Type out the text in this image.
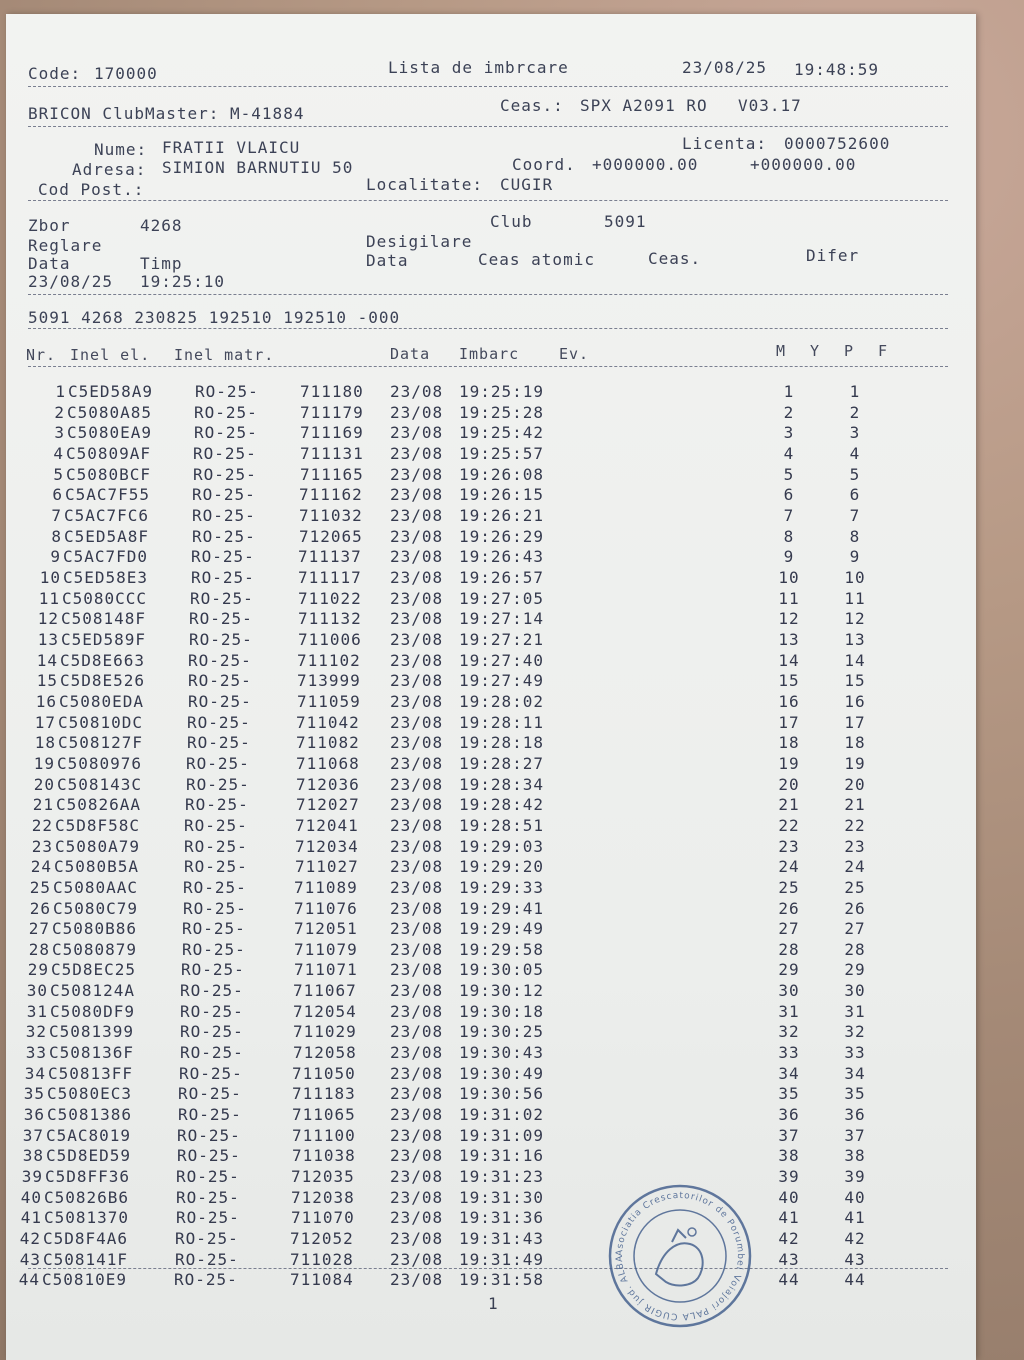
Code: 170000	Lista de imbrcare	23/08/25 19:48:59
BRICON ClubMaster: M-41884	Ceas.: SPX A2091 RO V03.17
Nume: FRATII VLAICU	Licenta: 0000752600
Adresa: SIMION BARNUTIU 50	Coord. +000000.00	+000000.00
Cod Post.:	Localitate: CUGIR
Zbor	4268	Club	5091
Reglare	Desigilare
Data	Timp	Data	Ceas atomic	Ceas.	Difer
23/08/25 19:25:10
5091 4268 230825 192510 192510 -000
Nr. Inel el. Inel matr.	Data Imbarc	Ev.	M Y P F
1 C5ED58A9	RO-25-	711180 23/08 19:25:19	1	1
2 C5080A85	RO-25-	711179 23/08 19:25:28	2	2
3 C5080EA9	RO-25-	711169 23/08 19:25:42	3	3
4 C50809AF	RO-25-	711131 23/08 19:25:57	4	4
5 C5080BCF	RO-25-	711165 23/08 19:26:08	5	5
6 C5AC7F55	RO-25-	711162 23/08 19:26:15	6	6
7 C5AC7FC6	RO-25-	711032 23/08 19:26:21	7	7
8 C5ED5A8F	RO-25-	712065 23/08 19:26:29	8	8
9 C5AC7FD0	RO-25-	711137 23/08 19:26:43	9	9
10 C5ED58E3	RO-25-	711117 23/08 19:26:57	10	10
11 C5080CCC	RO-25-	711022 23/08 19:27:05	11	11
12 C508148F	RO-25-	711132 23/08 19:27:14	12	12
13 C5ED589F	RO-25-	711006 23/08 19:27:21	13	13
14 C5D8E663	RO-25-	711102 23/08 19:27:40	14	14
15 C5D8E526	RO-25-	713999 23/08 19:27:49	15	15
16 C5080EDA	RO-25-	711059 23/08 19:28:02	16	16
17 C50810DC	RO-25-	711042 23/08 19:28:11	17	17
18 C508127F	RO-25-	711082 23/08 19:28:18	18	18
19 C5080976	RO-25-	711068 23/08 19:28:27	19	19
20 C508143C	RO-25-	712036 23/08 19:28:34	20	20
21 C50826AA	RO-25-	712027 23/08 19:28:42	21	21
22 C5D8F58C	RO-25-	712041 23/08 19:28:51	22	22
23 C5080A79	RO-25-	712034 23/08 19:29:03	23	23
24 C5080B5A	RO-25-	711027 23/08 19:29:20	24	24
25 C5080AAC	RO-25-	711089 23/08 19:29:33	25	25
26 C5080C79	RO-25-	711076 23/08 19:29:41	26	26
27 C5080B86	RO-25-	712051 23/08 19:29:49	27	27
28 C5080879	RO-25-	711079 23/08 19:29:58	28	28
29 C5D8EC25	RO-25-	711071 23/08 19:30:05	29	29
30 C508124A	RO-25-	711067 23/08 19:30:12	30	30
31 C5080DF9	RO-25-	712054 23/08 19:30:18	31	31
32 C5081399	RO-25-	711029 23/08 19:30:25	32	32
33 C508136F	RO-25-	712058 23/08 19:30:43	33	33
34 C50813FF	RO-25-	711050 23/08 19:30:49	34	34
35 C5080EC3	RO-25-	711183 23/08 19:30:56	35	35
36 C5081386	RO-25-	711065 23/08 19:31:02	36	36
37 C5AC8019	RO-25-	711100 23/08 19:31:09	37	37
38 C5D8ED59	RO-25-	711038 23/08 19:31:16	38	38
39 C5D8FF36	RO-25-	712035 23/08 19:31:23	39	39
40 C50826B6	RO-25-	712038 23/08 19:31:30	40	40
41 C5081370	RO-25-	711070 23/08 19:31:36	41	41
42 C5D8F4A6	RO-25-	712052 23/08 19:31:43	42	42
43 C508141F	RO-25-	711028 23/08 19:31:49	43	43
44 C50810E9	RO-25-	711084 23/08 19:31:58	44	44
1
Asociatia Crescatorilor de Porumbei Voiajori PALA CUGIR jud. ALBA
